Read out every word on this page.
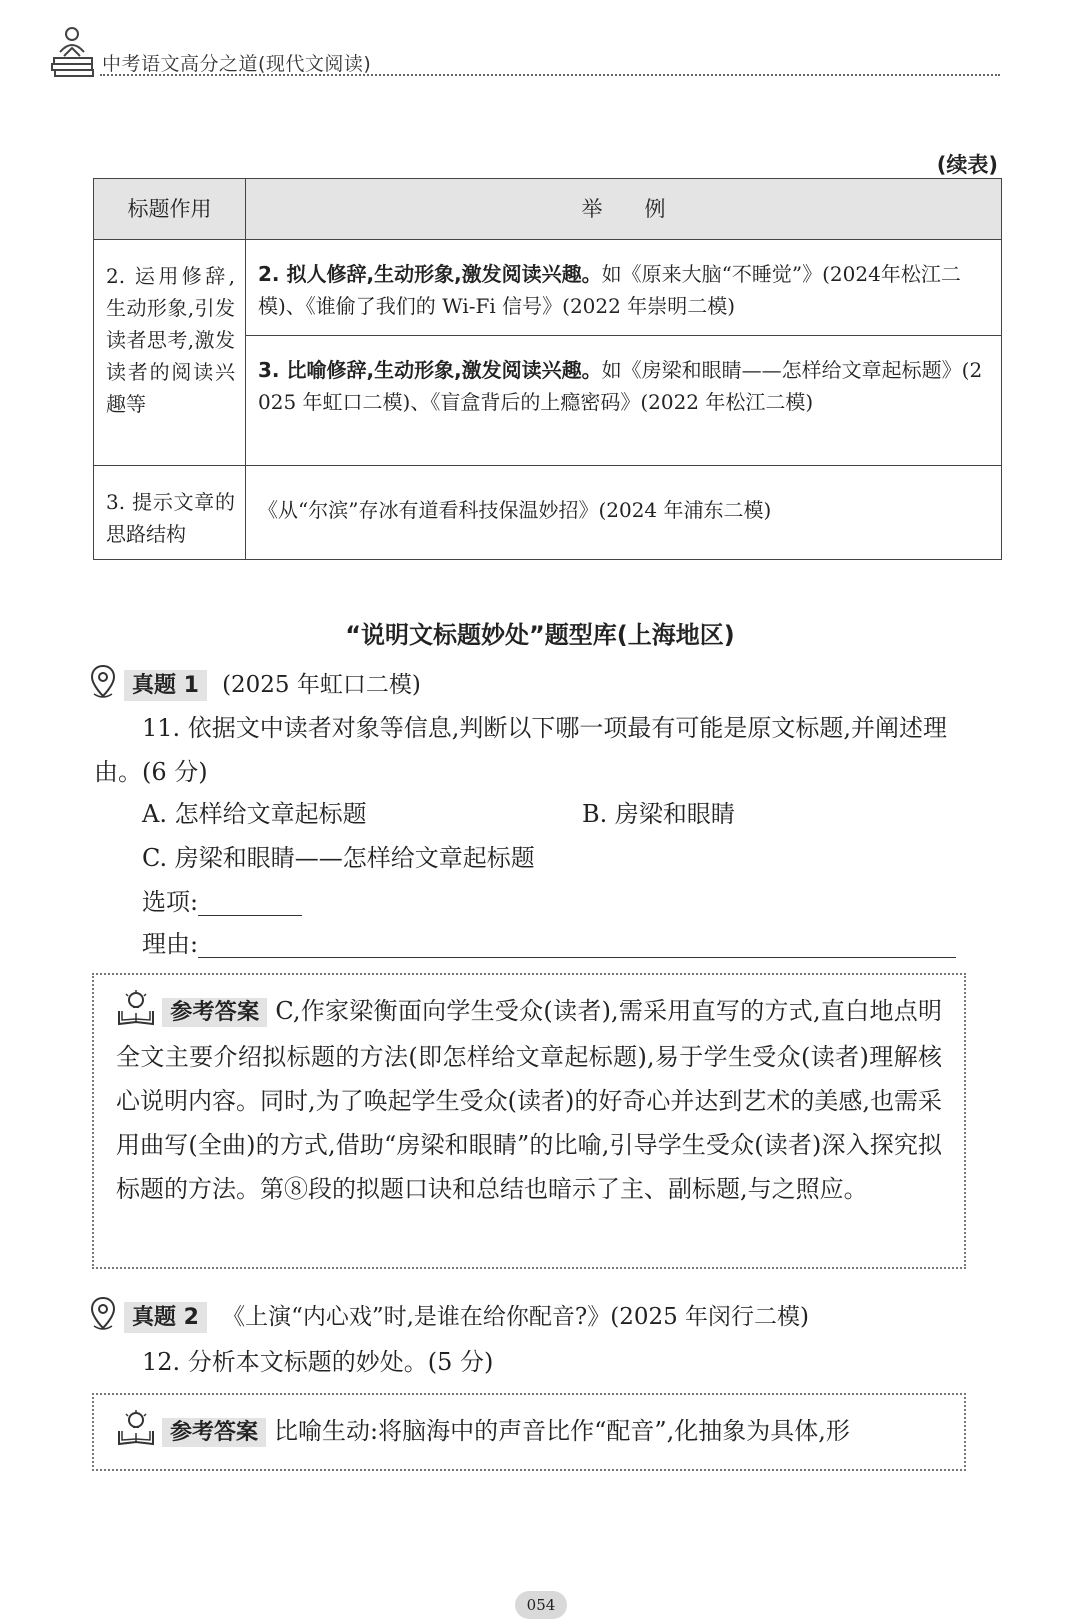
中考语文高分之道(现代文阅读)
(续表)
标题作用	举　　例
2. 运用修辞,生动形象,引发读者思考,激发读者的阅读兴趣等	2. 拟人修辞,生动形象,激发阅读兴趣。如《原来大脑“不睡觉”》(2024年松江二模)、《谁偷了我们的 Wi-Fi 信号》(2022 年崇明二模)
	3. 比喻修辞,生动形象,激发阅读兴趣。如《房梁和眼睛——怎样给文章起标题》(2025 年虹口二模)、《盲盒背后的上瘾密码》(2022 年松江二模)
3. 提示文章的思路结构	《从“尔滨”存冰有道看科技保温妙招》(2024 年浦东二模)
“说明文标题妙处”题型库(上海地区)
真题 1 (2025 年虹口二模)
11. 依据文中读者对象等信息,判断以下哪一项最有可能是原文标题,并阐述理由。(6 分)
A. 怎样给文章起标题	B. 房梁和眼睛
C. 房梁和眼睛——怎样给文章起标题
选项:
理由:
参考答案 C,作家梁衡面向学生受众(读者),需采用直写的方式,直白地点明全文主要介绍拟标题的方法(即怎样给文章起标题),易于学生受众(读者)理解核心说明内容。同时,为了唤起学生受众(读者)的好奇心并达到艺术的美感,也需采用曲写(全曲)的方式,借助“房梁和眼睛”的比喻,引导学生受众(读者)深入探究拟标题的方法。第⑧段的拟题口诀和总结也暗示了主、副标题,与之照应。
真题 2 《上演“内心戏”时,是谁在给你配音?》(2025 年闵行二模)
12. 分析本文标题的妙处。(5 分)
参考答案 比喻生动:将脑海中的声音比作“配音”,化抽象为具体,形
054
